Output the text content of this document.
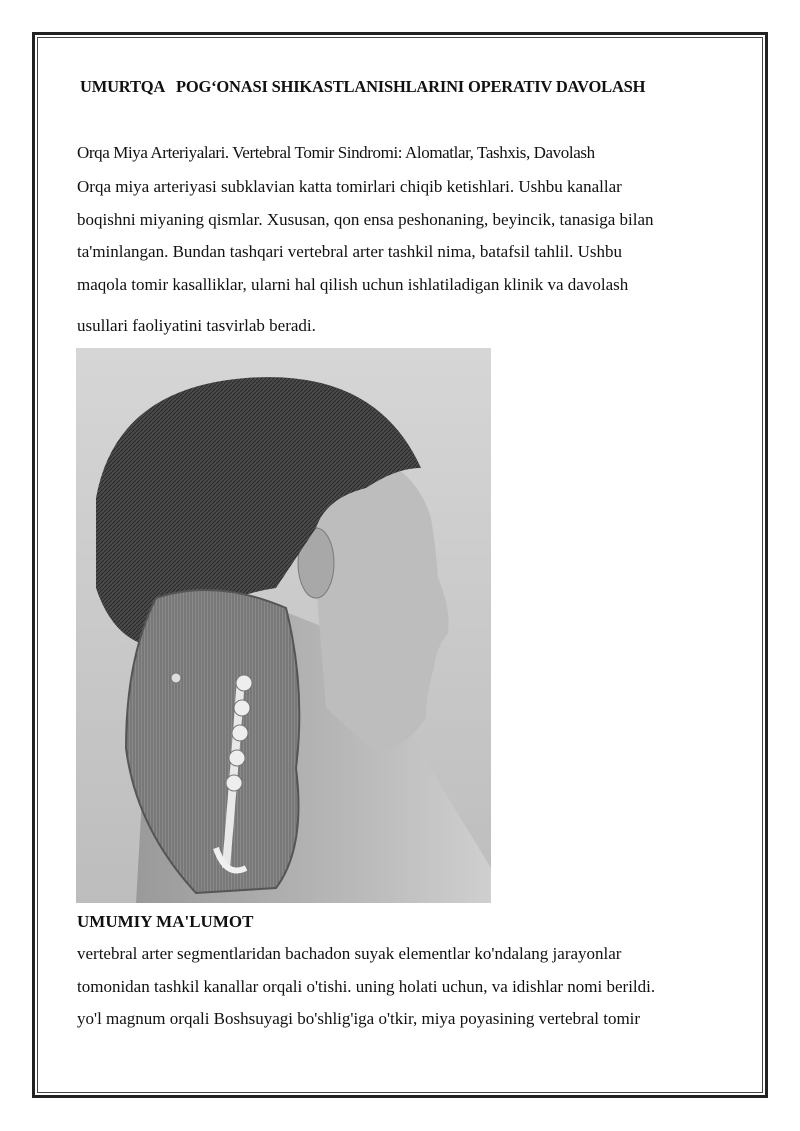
UMURTQA   POG‘ONASI SHIKASTLANISHLARINI OPERATIV DAVOLASH
Orqa Miya Arteriyalari. Vertebral Tomir Sindromi: Alomatlar, Tashxis, Davolash
Orqa miya arteriyasi subklavian katta tomirlari chiqib ketishlari. Ushbu kanallar
boqishni miyaning qismlar. Xususan, qon ensa peshonaning, beyincik, tanasiga bilan
ta'minlangan. Bundan tashqari vertebral arter tashkil nima, batafsil tahlil. Ushbu
maqola tomir kasalliklar, ularni hal qilish uchun ishlatiladigan klinik va davolash
usullari faoliyatini tasvirlab beradi.
UMUMIY MA'LUMOT
vertebral arter segmentlaridan bachadon suyak elementlar ko'ndalang jarayonlar
tomonidan tashkil kanallar orqali o'tishi. uning holati uchun, va idishlar nomi berildi.
yo'l magnum orqali Boshsuyagi bo'shlig'iga o'tkir, miya poyasining vertebral tomir
